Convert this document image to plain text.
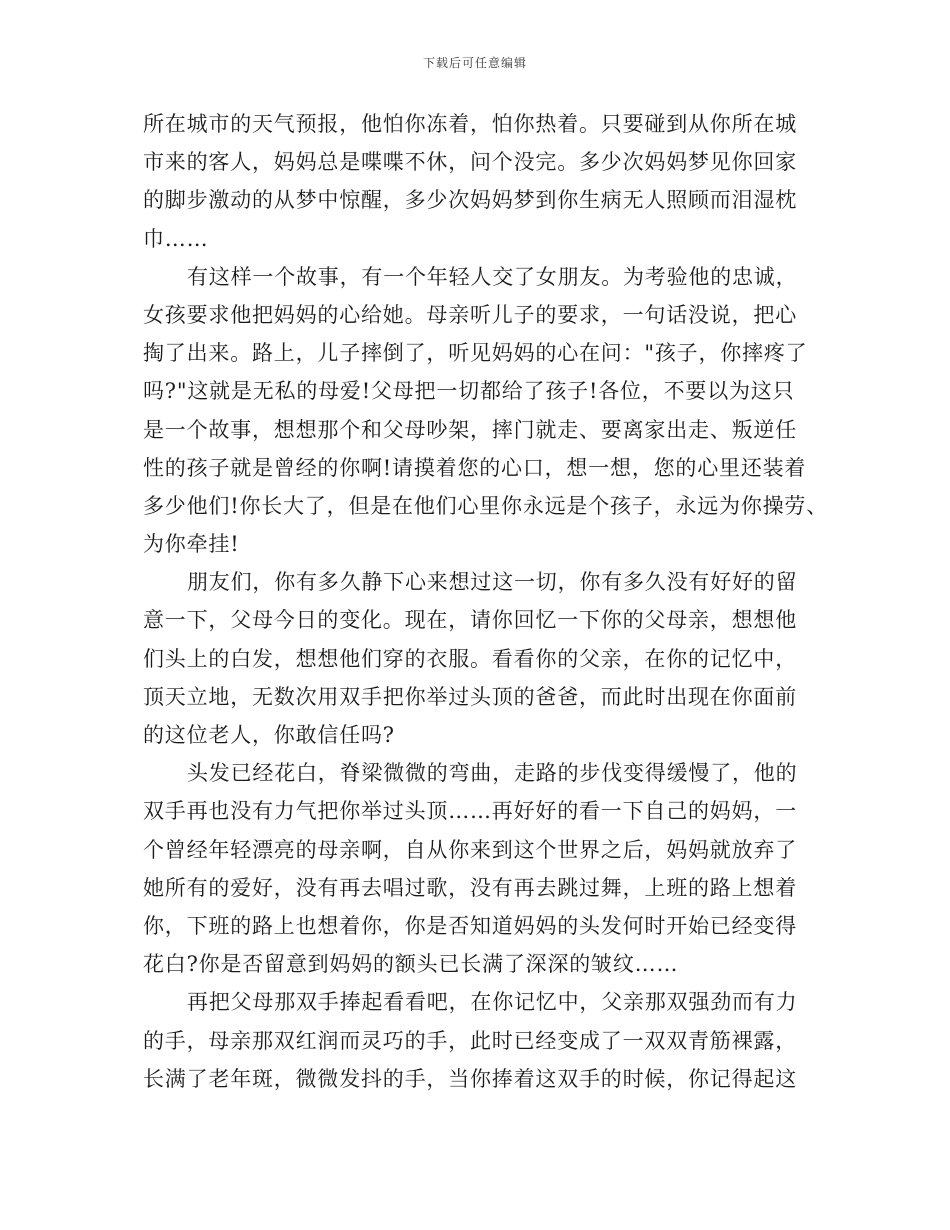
下载后可任意编辑
所在城市的天气预报，他怕你冻着，怕你热着。只要碰到从你所在城
市来的客人，妈妈总是喋喋不休，问个没完。多少次妈妈梦见你回家
的脚步激动的从梦中惊醒，多少次妈妈梦到你生病无人照顾而泪湿枕
巾……
有这样一个故事，有一个年轻人交了女朋友。为考验他的忠诚，
女孩要求他把妈妈的心给她。母亲听儿子的要求，一句话没说，把心
掏了出来。路上，儿子摔倒了，听见妈妈的心在问："孩子，你摔疼了
吗?"这就是无私的母爱!父母把一切都给了孩子!各位，不要以为这只
是一个故事，想想那个和父母吵架，摔门就走、要离家出走、叛逆任
性的孩子就是曾经的你啊!请摸着您的心口，想一想，您的心里还装着
多少他们!你长大了，但是在他们心里你永远是个孩子，永远为你操劳、
为你牵挂!
朋友们，你有多久静下心来想过这一切，你有多久没有好好的留
意一下，父母今日的变化。现在，请你回忆一下你的父母亲，想想他
们头上的白发，想想他们穿的衣服。看看你的父亲，在你的记忆中，
顶天立地，无数次用双手把你举过头顶的爸爸，而此时出现在你面前
的这位老人，你敢信任吗?
头发已经花白，脊梁微微的弯曲，走路的步伐变得缓慢了，他的
双手再也没有力气把你举过头顶……再好好的看一下自己的妈妈，一
个曾经年轻漂亮的母亲啊，自从你来到这个世界之后，妈妈就放弃了
她所有的爱好，没有再去唱过歌，没有再去跳过舞，上班的路上想着
你，下班的路上也想着你，你是否知道妈妈的头发何时开始已经变得
花白?你是否留意到妈妈的额头已长满了深深的皱纹……
再把父母那双手捧起看看吧，在你记忆中，父亲那双强劲而有力
的手，母亲那双红润而灵巧的手，此时已经变成了一双双青筋裸露，
长满了老年斑，微微发抖的手，当你捧着这双手的时候，你记得起这
